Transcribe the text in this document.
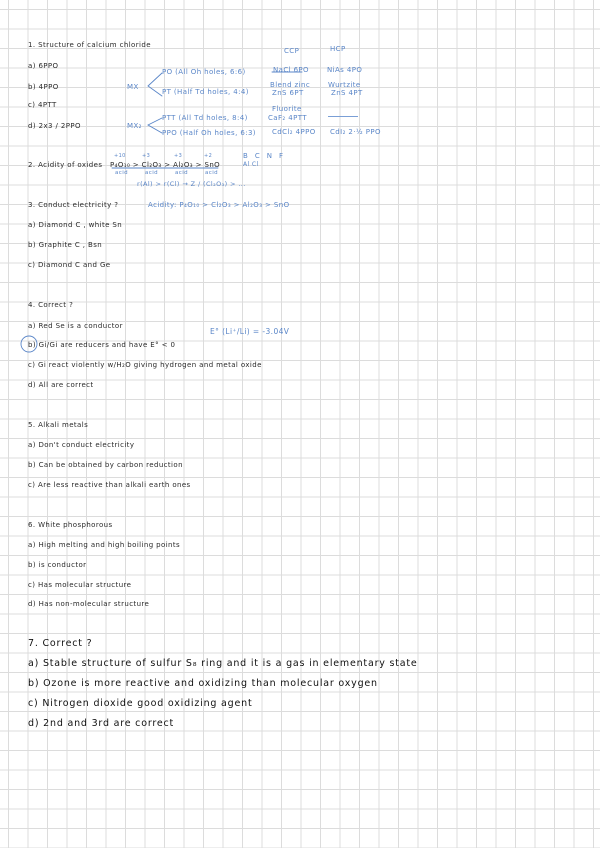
1. Structure of calcium chloride
a) 6PPO
b) 4PPO
c) 4PTT
d) 2x3 / 2PPO
CCP	HCP
MX
MX₂
PO (All Oh holes, 6:6)
PT (Half Td holes, 4:4)
PTT (All Td holes, 8:4)
PPO (Half Oh holes, 6:3)
NaCl 6PO	NiAs 4PO
Blend zinc
ZnS 6PT
Wurtzite
ZnS 4PT
Fluorite
CaF₂ 4PTT
CdCl₂ 4PPO CdI₂ 2·½ PPO
2. Acidity of oxides P₄O₁₀ > Cl₂O₃ > Al₂O₃ > SnO
+10	+3	+3	+2
acid	acid	acid	acid
B C N F
Al Cl
r(Al) > r(Cl) → Z / (Cl₂O₃) > ...
Acidity: P₄O₁₀ > Cl₂O₃ > Al₂O₃ > SnO
3. Conduct electricity ?
a) Diamond C , white Sn
b) Graphite C , Bsn
c) Diamond C and Ge
4. Correct ?
a) Red Se is a conductor
b) Gi/Gi are reducers and have E° < 0
c) Gi react violently w/H₂O giving hydrogen and metal oxide
d) All are correct
E° (Li⁺/Li) = -3.04V
5. Alkali metals
a) Don't conduct electricity
b) Can be obtained by carbon reduction
c) Are less reactive than alkali earth ones
6. White phosphorous
a) High melting and high boiling points
b) is conductor
c) Has molecular structure
d) Has non-molecular structure
7. Correct ?
a) Stable structure of sulfur S₈ ring and it is a gas in elementary state
b) Ozone is more reactive and oxidizing than molecular oxygen
c) Nitrogen dioxide good oxidizing agent
d) 2nd and 3rd are correct
